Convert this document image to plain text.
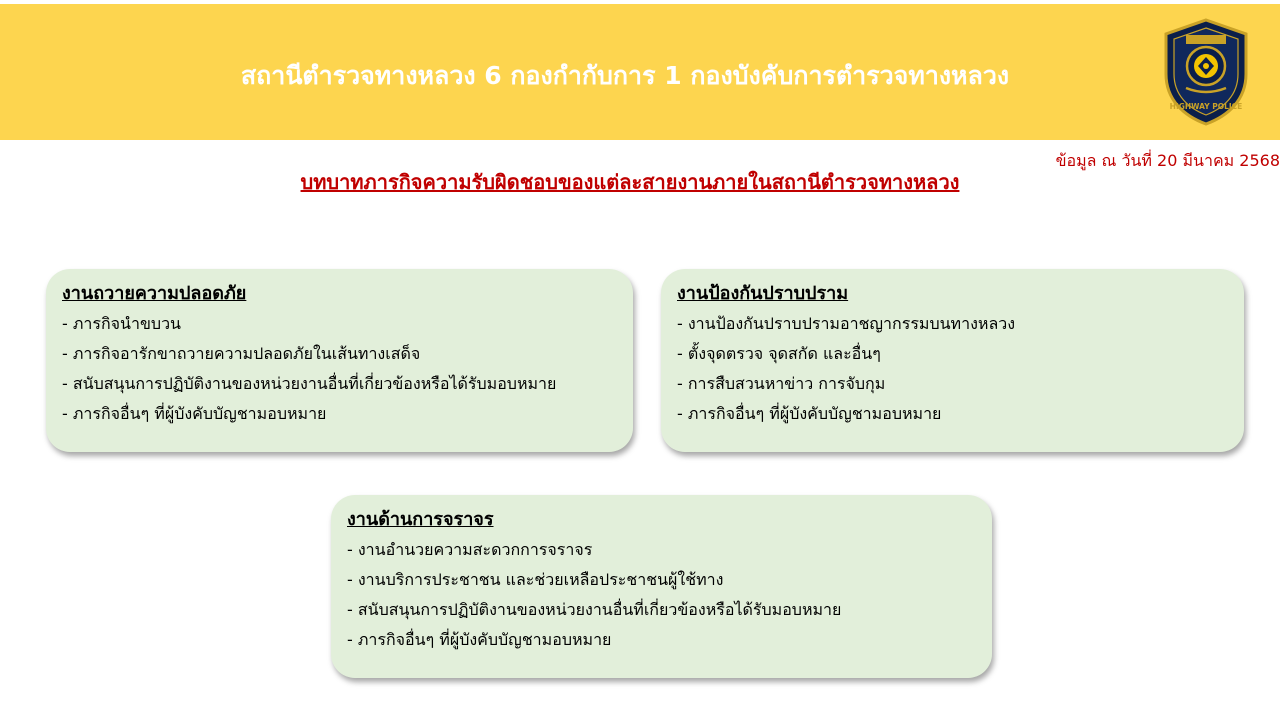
สถานีตำรวจทางหลวง 6 กองกำกับการ 1 กองบังคับการตำรวจทางหลวง
HIGHWAY POLICE
ข้อมูล ณ วันที่ 20 มีนาคม 2568
บทบาทภารกิจความรับผิดชอบของแต่ละสายงานภายในสถานีตำรวจทางหลวง
งานถวายความปลอดภัย
- ภารกิจนำขบวน
- ภารกิจอารักขาถวายความปลอดภัยในเส้นทางเสด็จ
- สนับสนุนการปฏิบัติงานของหน่วยงานอื่นที่เกี่ยวข้องหรือได้รับมอบหมาย
- ภารกิจอื่นๆ ที่ผู้บังคับบัญชามอบหมาย
งานป้องกันปราบปราม
- งานป้องกันปราบปรามอาชญากรรมบนทางหลวง
- ตั้งจุดตรวจ จุดสกัด และอื่นๆ
- การสืบสวนหาข่าว การจับกุม
- ภารกิจอื่นๆ ที่ผู้บังคับบัญชามอบหมาย
งานด้านการจราจร
- งานอำนวยความสะดวกการจราจร
- งานบริการประชาชน และช่วยเหลือประชาชนผู้ใช้ทาง
- สนับสนุนการปฏิบัติงานของหน่วยงานอื่นที่เกี่ยวข้องหรือได้รับมอบหมาย
- ภารกิจอื่นๆ ที่ผู้บังคับบัญชามอบหมาย
